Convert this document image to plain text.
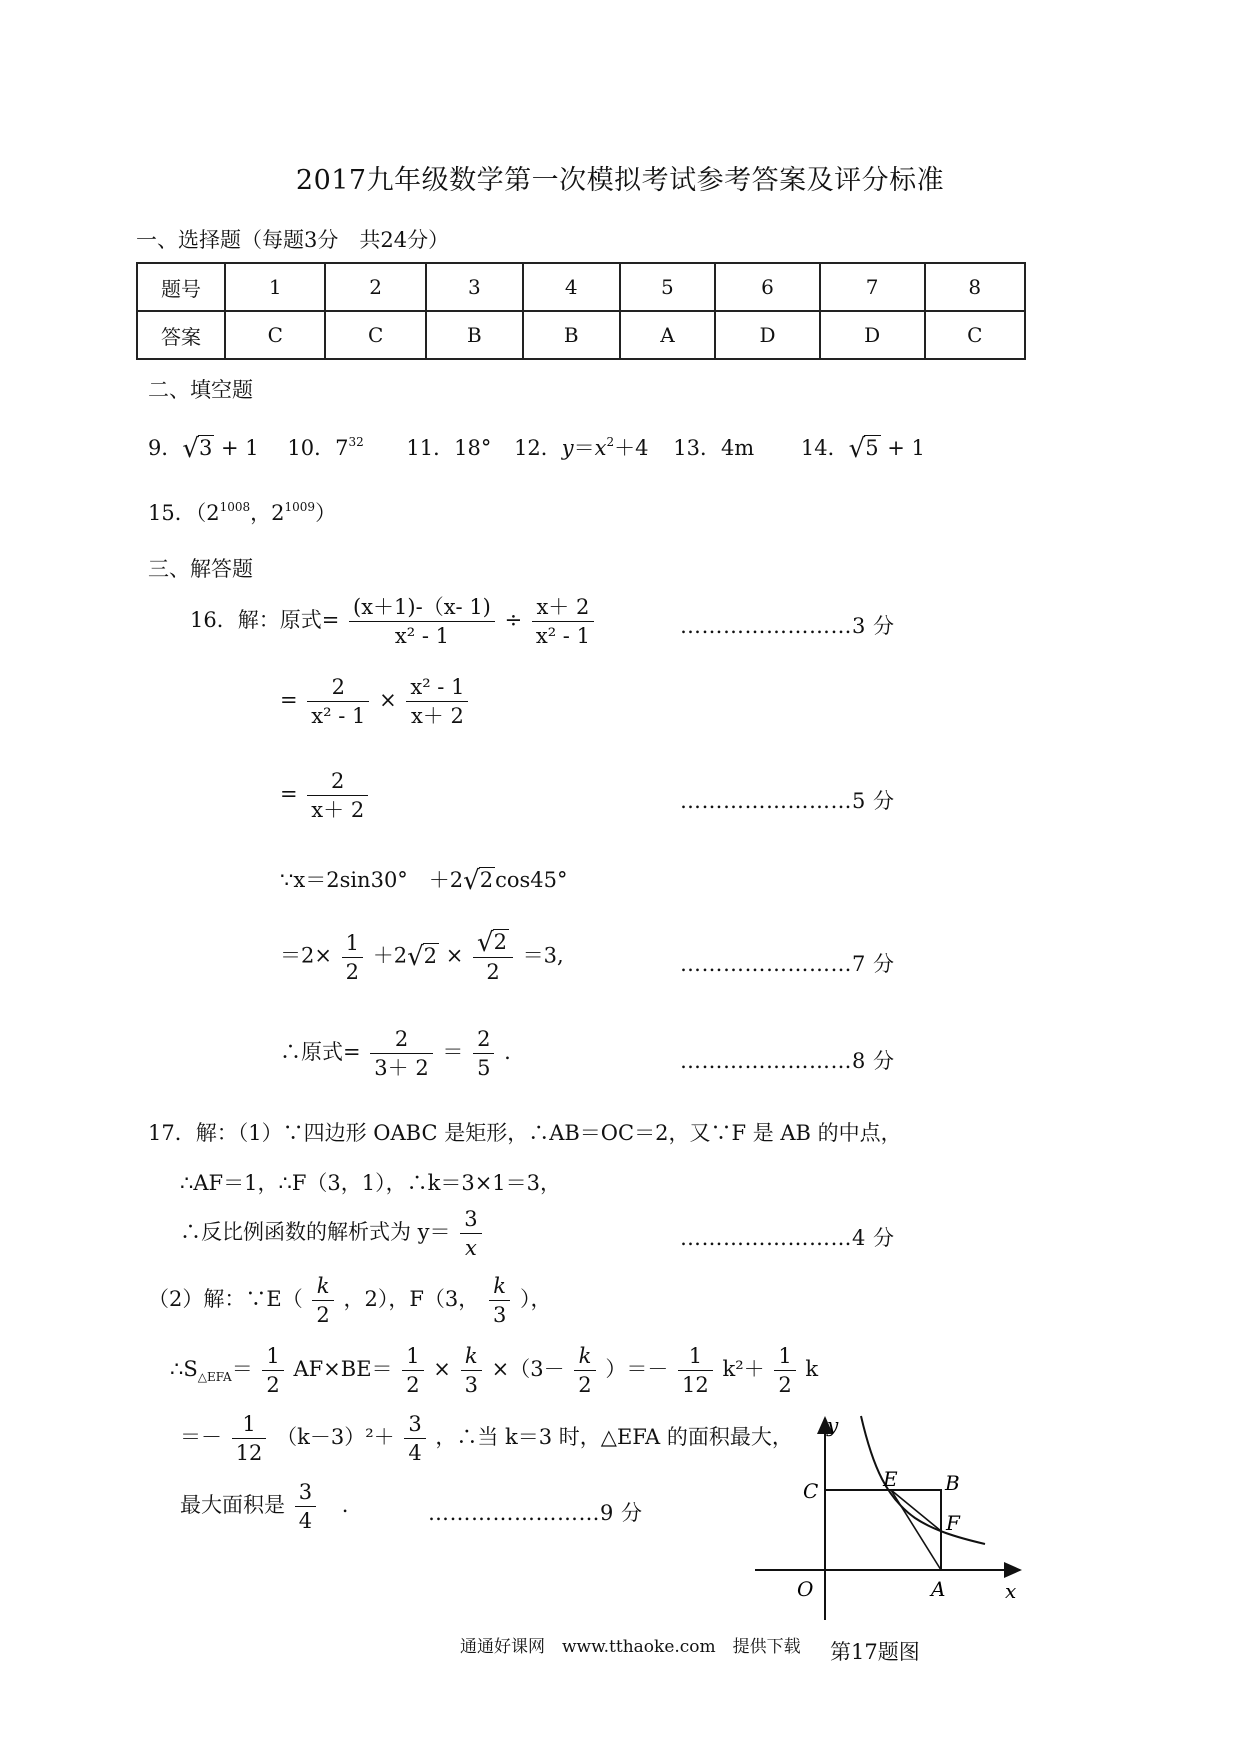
2017九年级数学第一次模拟考试参考答案及评分标准
一、选择题（每题3分　共24分）
题号	1	2	3	4	5	6	7	8
答案	C	C	B	B	A	D	D	C
二、填空题
9．√3 + 1 10．$7^{32}$ 11．18° 12．$y=x^2+4$ 13．4m 14．√5 + 1
15．（$2^{1008}$，$2^{1009}$）
三、解答题
16．解：原式= $\frac{(x+1)‐(x‐ 1)}{\text{x² ‐ 1}} \div \frac{x+ 2}{\text{x² ‐ 1}}$	……………………3 分
= $\frac{2}{\text{x² ‐ 1}} \times \frac{\text{x² ‐ 1}}{x+ 2}$
= $\frac{2}{x+ 2}$	……………………5 分
∵x＝2sin30°　＋2√2cos45°
$=2\times \frac{1}{2} +2√2 \times \frac{√2}{2} =3$,	……………………7 分
∴原式= $\frac{2}{3+ 2} = \frac{2}{5}$ .	……………………8 分
17．解：（1）∵四边形 OABC 是矩形，∴AB＝OC＝2，又∵F 是 AB 的中点，
∴AF＝1，∴F（3，1），∴k＝3×1＝3，
∴反比例函数的解析式为 $y= \frac{3}{x}$	……………………4 分
（2）解：∵E（ $\frac{k}{2}$ ，2），F（3， $\frac{k}{3}$ ），
$\therefore S_{\triangle EFA}= \frac{1}{2} AF\times BE= \frac{1}{2} \times \frac{k}{3} \times(3- \frac{k}{2}$ ）＝－ $\frac{1}{12} k^2+ \frac{1}{2}$ k
＝－ $\frac{1}{12} (k-3)^2+ \frac{3}{4}$ ，∴当 k＝3 时，△EFA 的面积最大，
最大面积是 $\frac{3}{4}$ .	……………………9 分
y
x
O	A
B
C	E
F
通通好课网　www.tthaoke.com　提供下载 第17题图
